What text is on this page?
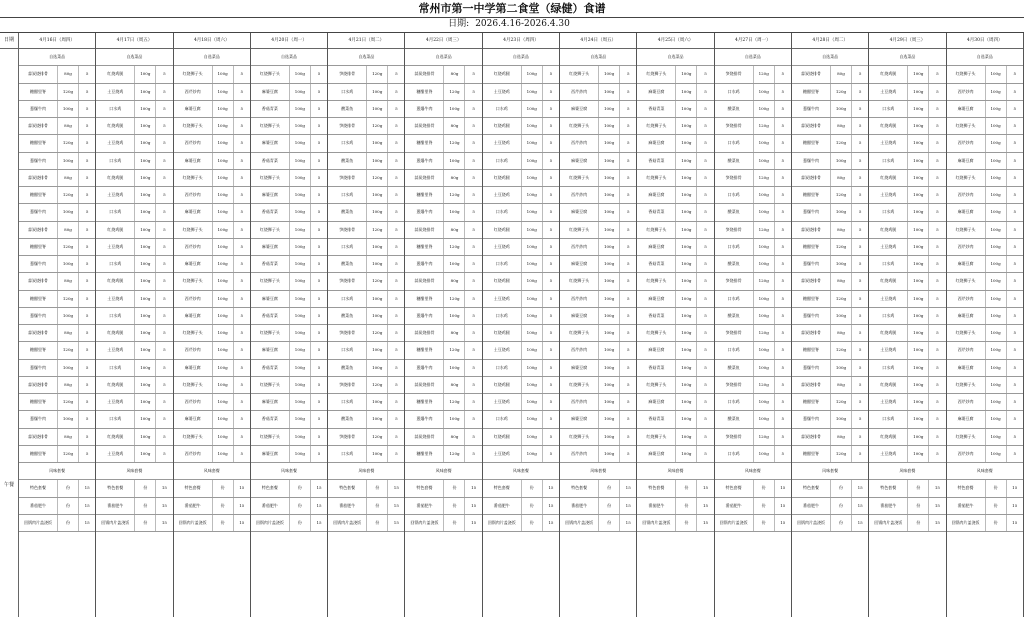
常州市第一中学第二食堂（绿健）食谱
日期: 2026.4.16-2026.4.30
日期
午餐
4月16日（周四）
自选菜品
蒜炭烧排骨	80g	5
糖醋里脊	120g	5
葱爆牛肉	100g	5
蒜炭烧排骨	80g	5
糖醋里脊	120g	5
葱爆牛肉	100g	5
蒜炭烧排骨	80g	5
糖醋里脊	120g	5
葱爆牛肉	100g	5
蒜炭烧排骨	80g	5
糖醋里脊	120g	5
葱爆牛肉	100g	5
蒜炭烧排骨	80g	5
糖醋里脊	120g	5
葱爆牛肉	100g	5
蒜炭烧排骨	80g	5
糖醋里脊	120g	5
葱爆牛肉	100g	5
蒜炭烧排骨	80g	5
糖醋里脊	120g	5
葱爆牛肉	100g	5
蒜炭烧排骨	80g	5
糖醋里脊	120g	5
风味套餐
特色套餐	份	15
番茄肥牛	份	15
回锅肉片盖浇饭	份	15
4月17日（周五）
自选菜品
红烧鸡腿	100g	5
土豆烧鸡	100g	5
口水鸡	100g	5
红烧鸡腿	100g	5
土豆烧鸡	100g	5
口水鸡	100g	5
红烧鸡腿	100g	5
土豆烧鸡	100g	5
口水鸡	100g	5
红烧鸡腿	100g	5
土豆烧鸡	100g	5
口水鸡	100g	5
红烧鸡腿	100g	5
土豆烧鸡	100g	5
口水鸡	100g	5
红烧鸡腿	100g	5
土豆烧鸡	100g	5
口水鸡	100g	5
红烧鸡腿	100g	5
土豆烧鸡	100g	5
口水鸡	100g	5
红烧鸡腿	100g	5
土豆烧鸡	100g	5
风味套餐
特色套餐	份	15
番茄肥牛	份	15
回锅肉片盖浇饭	份	15
4月18日（周六）
自选菜品
红烧狮子头	100g	5
西芹炒肉	100g	5
麻婆豆腐	100g	5
红烧狮子头	100g	5
西芹炒肉	100g	5
麻婆豆腐	100g	5
红烧狮子头	100g	5
西芹炒肉	100g	5
麻婆豆腐	100g	5
红烧狮子头	100g	5
西芹炒肉	100g	5
麻婆豆腐	100g	5
红烧狮子头	100g	5
西芹炒肉	100g	5
麻婆豆腐	100g	5
红烧狮子头	100g	5
西芹炒肉	100g	5
麻婆豆腐	100g	5
红烧狮子头	100g	5
西芹炒肉	100g	5
麻婆豆腐	100g	5
红烧狮子头	100g	5
西芹炒肉	100g	5
风味套餐
特色套餐	份	15
番茄肥牛	份	15
回锅肉片盖浇饭	份	15
4月20日（周一）
自选菜品
红烧狮子头	100g	5
麻婆豆腐	100g	5
香菇青菜	100g	5
红烧狮子头	100g	5
麻婆豆腐	100g	5
香菇青菜	100g	5
红烧狮子头	100g	5
麻婆豆腐	100g	5
香菇青菜	100g	5
红烧狮子头	100g	5
麻婆豆腐	100g	5
香菇青菜	100g	5
红烧狮子头	100g	5
麻婆豆腐	100g	5
香菇青菜	100g	5
红烧狮子头	100g	5
麻婆豆腐	100g	5
香菇青菜	100g	5
红烧狮子头	100g	5
麻婆豆腐	100g	5
香菇青菜	100g	5
红烧狮子头	100g	5
麻婆豆腐	100g	5
风味套餐
特色套餐	份	15
番茄肥牛	份	15
回锅肉片盖浇饭	份	15
4月21日（周二）
自选菜品
笋烧排骨	120g	5
口水鸡	100g	5
酸菜鱼	100g	5
笋烧排骨	120g	5
口水鸡	100g	5
酸菜鱼	100g	5
笋烧排骨	120g	5
口水鸡	100g	5
酸菜鱼	100g	5
笋烧排骨	120g	5
口水鸡	100g	5
酸菜鱼	100g	5
笋烧排骨	120g	5
口水鸡	100g	5
酸菜鱼	100g	5
笋烧排骨	120g	5
口水鸡	100g	5
酸菜鱼	100g	5
笋烧排骨	120g	5
口水鸡	100g	5
酸菜鱼	100g	5
笋烧排骨	120g	5
口水鸡	100g	5
风味套餐
特色套餐	份	15
番茄肥牛	份	15
回锅肉片盖浇饭	份	15
4月22日（周三）
自选菜品
蒜炭烧排骨	80g	5
糖醋里脊	120g	5
葱爆牛肉	100g	5
蒜炭烧排骨	80g	5
糖醋里脊	120g	5
葱爆牛肉	100g	5
蒜炭烧排骨	80g	5
糖醋里脊	120g	5
葱爆牛肉	100g	5
蒜炭烧排骨	80g	5
糖醋里脊	120g	5
葱爆牛肉	100g	5
蒜炭烧排骨	80g	5
糖醋里脊	120g	5
葱爆牛肉	100g	5
蒜炭烧排骨	80g	5
糖醋里脊	120g	5
葱爆牛肉	100g	5
蒜炭烧排骨	80g	5
糖醋里脊	120g	5
葱爆牛肉	100g	5
蒜炭烧排骨	80g	5
糖醋里脊	120g	5
风味套餐
特色套餐	份	15
番茄肥牛	份	15
回锅肉片盖浇饭	份	15
4月23日（周四）
自选菜品
红烧鸡腿	100g	5
土豆烧鸡	100g	5
口水鸡	100g	5
红烧鸡腿	100g	5
土豆烧鸡	100g	5
口水鸡	100g	5
红烧鸡腿	100g	5
土豆烧鸡	100g	5
口水鸡	100g	5
红烧鸡腿	100g	5
土豆烧鸡	100g	5
口水鸡	100g	5
红烧鸡腿	100g	5
土豆烧鸡	100g	5
口水鸡	100g	5
红烧鸡腿	100g	5
土豆烧鸡	100g	5
口水鸡	100g	5
红烧鸡腿	100g	5
土豆烧鸡	100g	5
口水鸡	100g	5
红烧鸡腿	100g	5
土豆烧鸡	100g	5
风味套餐
特色套餐	份	15
番茄肥牛	份	15
回锅肉片盖浇饭	份	15
4月24日（周五）
自选菜品
红烧狮子头	100g	5
西芹炒肉	100g	5
麻婆豆腐	100g	5
红烧狮子头	100g	5
西芹炒肉	100g	5
麻婆豆腐	100g	5
红烧狮子头	100g	5
西芹炒肉	100g	5
麻婆豆腐	100g	5
红烧狮子头	100g	5
西芹炒肉	100g	5
麻婆豆腐	100g	5
红烧狮子头	100g	5
西芹炒肉	100g	5
麻婆豆腐	100g	5
红烧狮子头	100g	5
西芹炒肉	100g	5
麻婆豆腐	100g	5
红烧狮子头	100g	5
西芹炒肉	100g	5
麻婆豆腐	100g	5
红烧狮子头	100g	5
西芹炒肉	100g	5
风味套餐
特色套餐	份	15
番茄肥牛	份	15
回锅肉片盖浇饭	份	15
4月25日（周六）
自选菜品
红烧狮子头	100g	5
麻婆豆腐	100g	5
香菇青菜	100g	5
红烧狮子头	100g	5
麻婆豆腐	100g	5
香菇青菜	100g	5
红烧狮子头	100g	5
麻婆豆腐	100g	5
香菇青菜	100g	5
红烧狮子头	100g	5
麻婆豆腐	100g	5
香菇青菜	100g	5
红烧狮子头	100g	5
麻婆豆腐	100g	5
香菇青菜	100g	5
红烧狮子头	100g	5
麻婆豆腐	100g	5
香菇青菜	100g	5
红烧狮子头	100g	5
麻婆豆腐	100g	5
香菇青菜	100g	5
红烧狮子头	100g	5
麻婆豆腐	100g	5
风味套餐
特色套餐	份	15
番茄肥牛	份	15
回锅肉片盖浇饭	份	15
4月27日（周一）
自选菜品
笋烧排骨	120g	5
口水鸡	100g	5
酸菜鱼	100g	5
笋烧排骨	120g	5
口水鸡	100g	5
酸菜鱼	100g	5
笋烧排骨	120g	5
口水鸡	100g	5
酸菜鱼	100g	5
笋烧排骨	120g	5
口水鸡	100g	5
酸菜鱼	100g	5
笋烧排骨	120g	5
口水鸡	100g	5
酸菜鱼	100g	5
笋烧排骨	120g	5
口水鸡	100g	5
酸菜鱼	100g	5
笋烧排骨	120g	5
口水鸡	100g	5
酸菜鱼	100g	5
笋烧排骨	120g	5
口水鸡	100g	5
风味套餐
特色套餐	份	15
番茄肥牛	份	15
回锅肉片盖浇饭	份	15
4月28日（周二）
自选菜品
蒜炭烧排骨	80g	5
糖醋里脊	120g	5
葱爆牛肉	100g	5
蒜炭烧排骨	80g	5
糖醋里脊	120g	5
葱爆牛肉	100g	5
蒜炭烧排骨	80g	5
糖醋里脊	120g	5
葱爆牛肉	100g	5
蒜炭烧排骨	80g	5
糖醋里脊	120g	5
葱爆牛肉	100g	5
蒜炭烧排骨	80g	5
糖醋里脊	120g	5
葱爆牛肉	100g	5
蒜炭烧排骨	80g	5
糖醋里脊	120g	5
葱爆牛肉	100g	5
蒜炭烧排骨	80g	5
糖醋里脊	120g	5
葱爆牛肉	100g	5
蒜炭烧排骨	80g	5
糖醋里脊	120g	5
风味套餐
特色套餐	份	15
番茄肥牛	份	15
回锅肉片盖浇饭	份	15
4月29日（周三）
自选菜品
红烧鸡腿	100g	5
土豆烧鸡	100g	5
口水鸡	100g	5
红烧鸡腿	100g	5
土豆烧鸡	100g	5
口水鸡	100g	5
红烧鸡腿	100g	5
土豆烧鸡	100g	5
口水鸡	100g	5
红烧鸡腿	100g	5
土豆烧鸡	100g	5
口水鸡	100g	5
红烧鸡腿	100g	5
土豆烧鸡	100g	5
口水鸡	100g	5
红烧鸡腿	100g	5
土豆烧鸡	100g	5
口水鸡	100g	5
红烧鸡腿	100g	5
土豆烧鸡	100g	5
口水鸡	100g	5
红烧鸡腿	100g	5
土豆烧鸡	100g	5
风味套餐
特色套餐	份	15
番茄肥牛	份	15
回锅肉片盖浇饭	份	15
4月30日（周四）
自选菜品
红烧狮子头	100g	5
西芹炒肉	100g	5
麻婆豆腐	100g	5
红烧狮子头	100g	5
西芹炒肉	100g	5
麻婆豆腐	100g	5
红烧狮子头	100g	5
西芹炒肉	100g	5
麻婆豆腐	100g	5
红烧狮子头	100g	5
西芹炒肉	100g	5
麻婆豆腐	100g	5
红烧狮子头	100g	5
西芹炒肉	100g	5
麻婆豆腐	100g	5
红烧狮子头	100g	5
西芹炒肉	100g	5
麻婆豆腐	100g	5
红烧狮子头	100g	5
西芹炒肉	100g	5
麻婆豆腐	100g	5
红烧狮子头	100g	5
西芹炒肉	100g	5
风味套餐
特色套餐	份	15
番茄肥牛	份	15
回锅肉片盖浇饭	份	15
